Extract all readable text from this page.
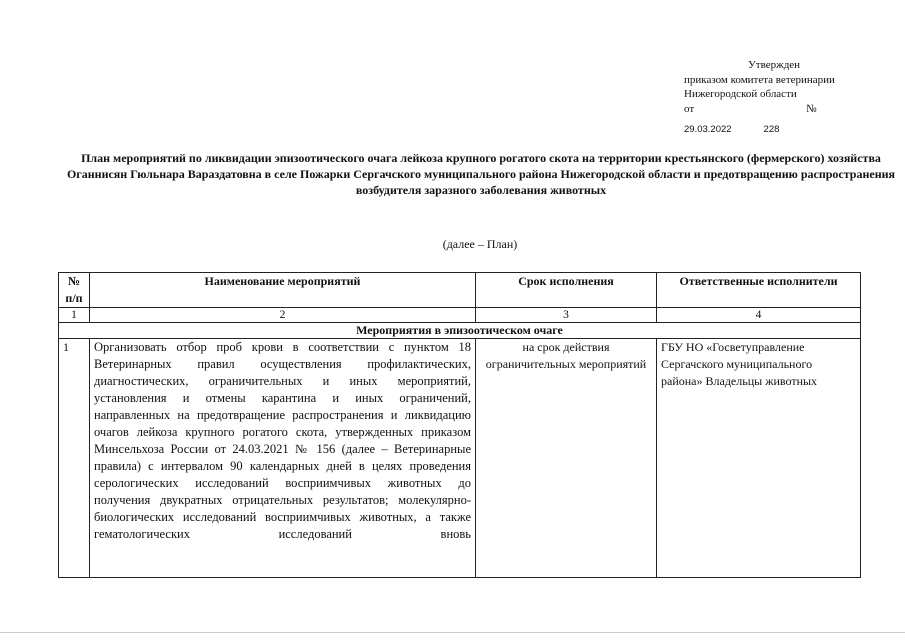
Утвержден
приказом комитета ветеринарии
Нижегородской области
от	№
29.03.2022	228
План мероприятий по ликвидации эпизоотического очага лейкоза крупного рогатого скота на территории крестьянского (фермерского) хозяйства Оганнисян Гюльнара Вараздатовна в селе Пожарки Сергачского муниципального района Нижегородской области и предотвращению распространения возбудителя заразного заболевания животных
(далее – План)
№ п/п	Наименование мероприятий	Срок исполнения	Ответственные исполнители
1	2	3	4
Мероприятия в эпизоотическом очаге			
1	Организовать отбор проб крови в соответствии с пунктом 18 Ветеринарных правил осуществления профилактических, диагностических, ограничительных и иных мероприятий, установления и отмены карантина и иных ограничений, направленных на предотвращение распространения и ликвидацию очагов лейкоза крупного рогатого скота, утвержденных приказом Минсельхоза России от 24.03.2021 № 156 (далее – Ветеринарные правила) с интервалом 90 календарных дней в целях проведения серологических исследований восприимчивых животных до получения двукратных отрицательных результатов; молекулярно-биологических исследований восприимчивых животных, а также гематологических исследований вновь	на срок действия ограничительных мероприятий	ГБУ НО «Госветуправление Сергачского муниципального района» Владельцы животных
